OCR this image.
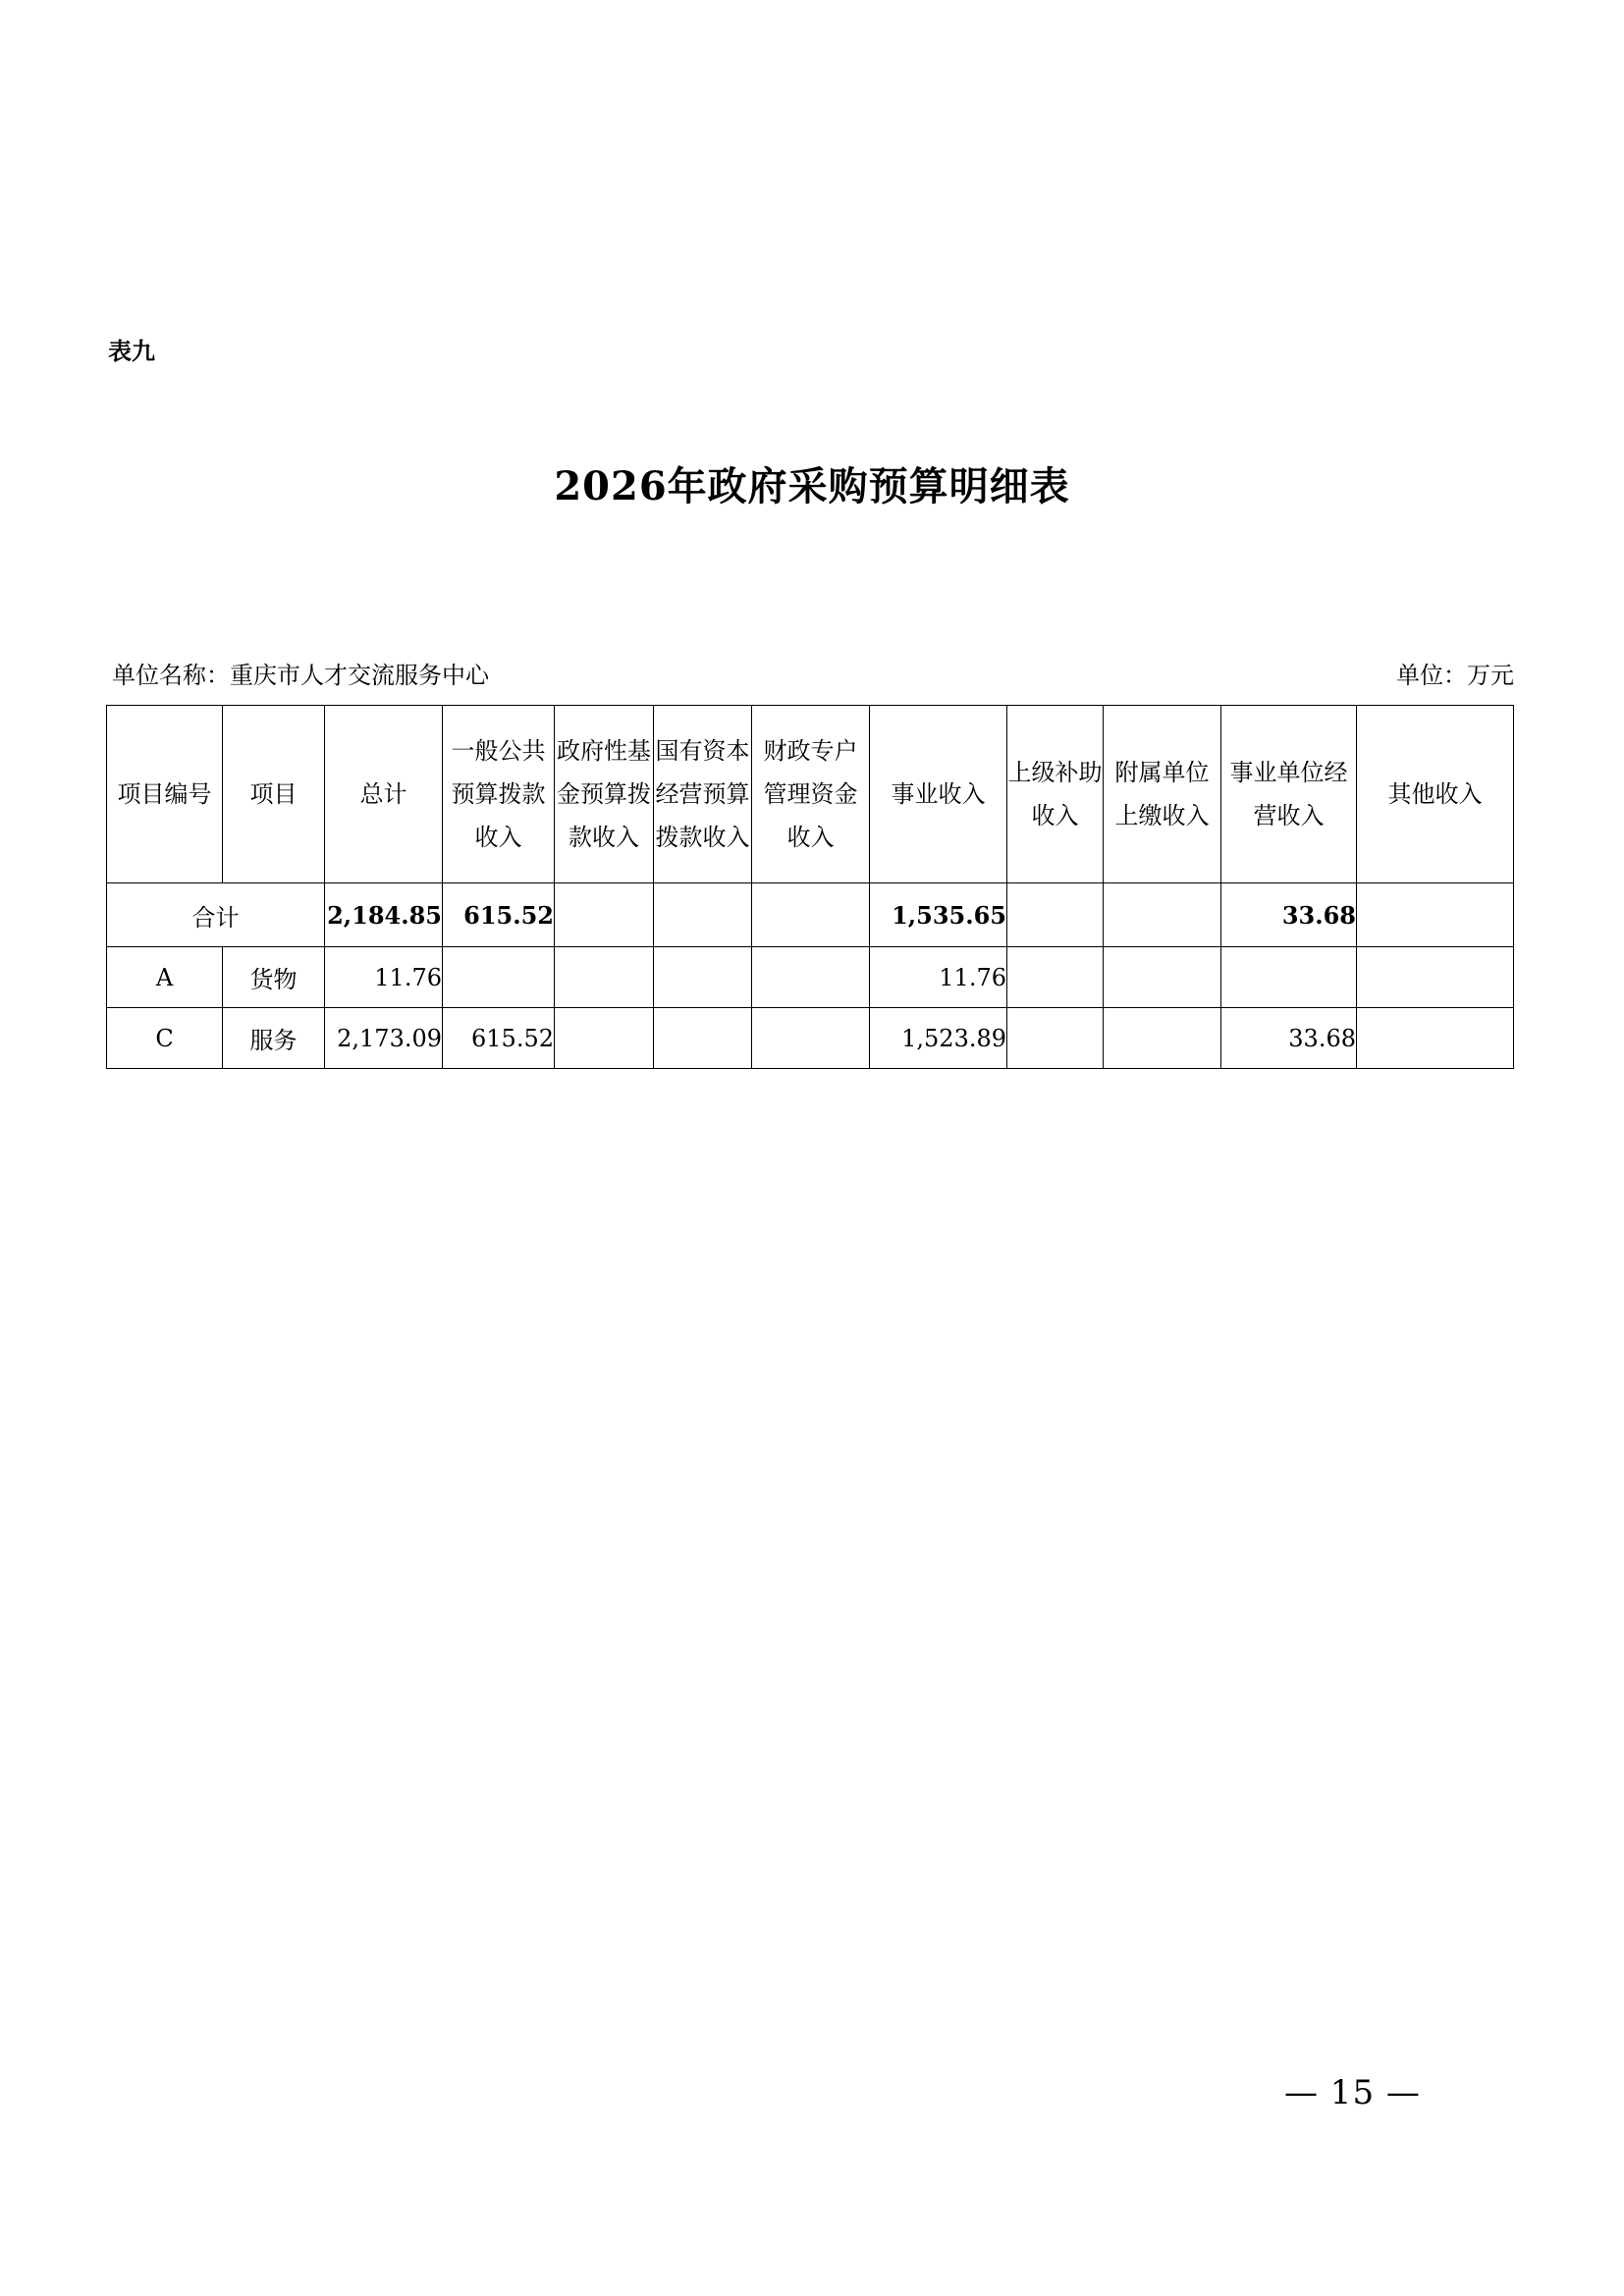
表九
2026年政府采购预算明细表
单位名称：重庆市人才交流服务中心	单位：万元
项目编号	项目	总计	一般公共预算拨款收入	政府性基金预算拨款收入	国有资本经营预算拨款收入	财政专户管理资金收入	事业收入	上级补助收入	附属单位上缴收入	事业单位经营收入	其他收入
合计		2,184.85	615.52				1,535.65			33.68	
A	货物	11.76					11.76				
C	服务	2,173.09	615.52				1,523.89			33.68	
— 15 —
